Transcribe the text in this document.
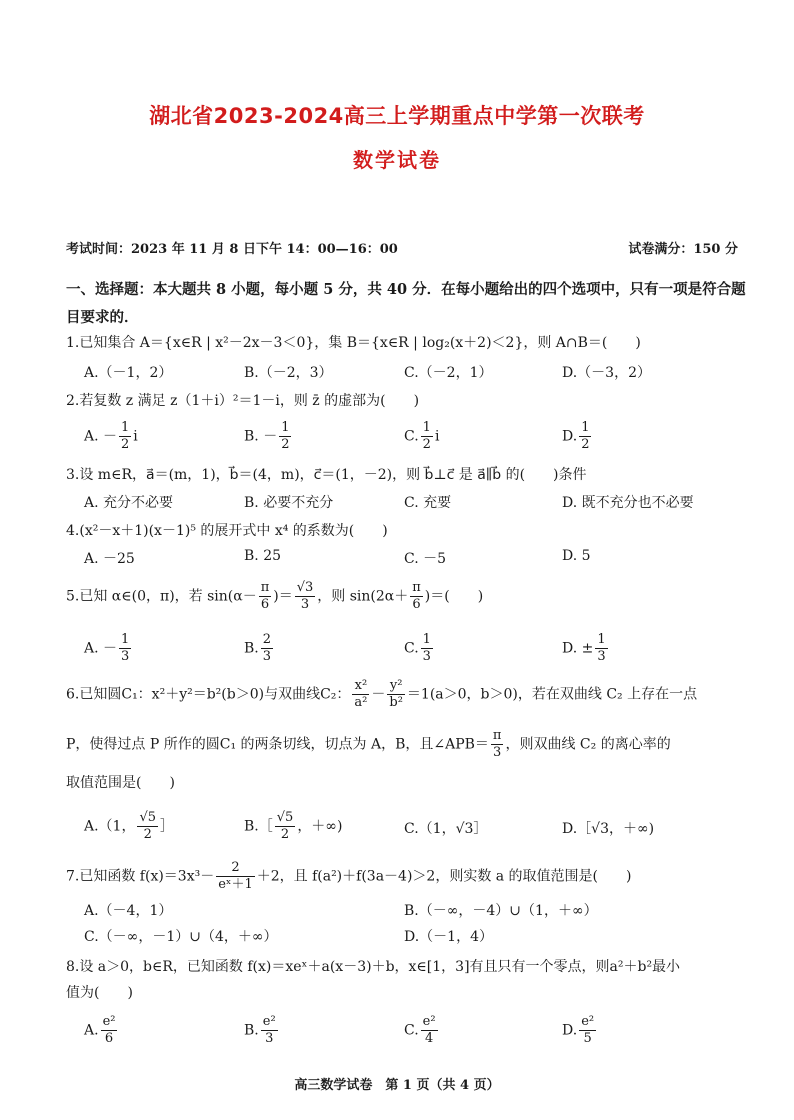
湖北省2023-2024高三上学期重点中学第一次联考
数学试卷
考试时间：2023 年 11 月 8 日下午 14：00—16：00	试卷满分：150 分
一、选择题：本大题共 8 小题，每小题 5 分，共 40 分．在每小题给出的四个选项中，只有一项是符合题目要求的．
1.已知集合 A＝{x∈R | x²－2x－3＜0}，集 B＝{x∈R | log₂(x＋2)＜2}，则 A∩B＝(　　)
A.（－1，2）	B.（－2，3）	C.（－2，1）	D.（－3，2）
2.若复数 z 满足 z（1＋i）²＝1－i，则 z̄ 的虚部为(　　)
A. － $\frac{1}{2}$ i	B. － $\frac{1}{2}$	C. $\frac{1}{2}$ i	D. $\frac{1}{2}$
3.设 m∈R，a⃗＝(m，1)，b⃗＝(4，m)，c⃗＝(1，－2)，则 b⃗⊥c⃗ 是 a⃗∥b⃗ 的(　　)条件
A. 充分不必要	B. 必要不充分	C. 充要	D. 既不充分也不必要
4.(x²－x＋1)(x－1)⁵ 的展开式中 x⁴ 的系数为(　　)
A. －25	B. 25	C. －5	D. 5
5.已知 α∈(0，π)，若 $\sin(\alpha- \frac{\pi}{6}$ )＝ $\frac{√3}{3}$ ，则 $\sin(2\alpha+ \frac{\pi}{6}$ )＝(　　)
A. － $\frac{1}{3}$	B. $\frac{2}{3}$	C. $\frac{1}{3}$	D. ± $\frac{1}{3}$
6.已知圆C₁：x²＋y²＝b²(b＞0)与双曲线C₂： $\frac{\text{x²}}{\text{a²}} - \frac{\text{y²}}{\text{b²}} =1(a>0$，b＞0)，若在双曲线 C₂ 上存在一点
P，使得过点 P 所作的圆C₁ 的两条切线，切点为 A，B，且∠APB＝ $\frac{\pi}{3}$ ，则双曲线 C₂ 的离心率的
取值范围是(　　)
A.（1， $\frac{√5}{2}$ ］	B.［ $\frac{√5}{2}$ ，＋∞)	C.（1，√3］	D.［√3，＋∞)
7.已知函数 $f(x)=3x^3- \frac{2}{\text{eˣ＋1}} +2$，且 f(a²)＋f(3a－4)＞2，则实数 a 的取值范围是(　　)
A.（－4，1）	B.（－∞，－4）∪（1，＋∞）
C.（－∞，－1）∪（4，＋∞）	D.（－1，4）
8.设 a＞0，b∈R，已知函数 f(x)＝xeˣ＋a(x－3)＋b，x∈[1，3]有且只有一个零点，则a²＋b²最小
值为(　　)
A. $\frac{\text{e²}}{6}$	B. $\frac{\text{e²}}{3}$	C. $\frac{\text{e²}}{4}$	D. $\frac{\text{e²}}{5}$
高三数学试卷　第 1 页（共 4 页）
